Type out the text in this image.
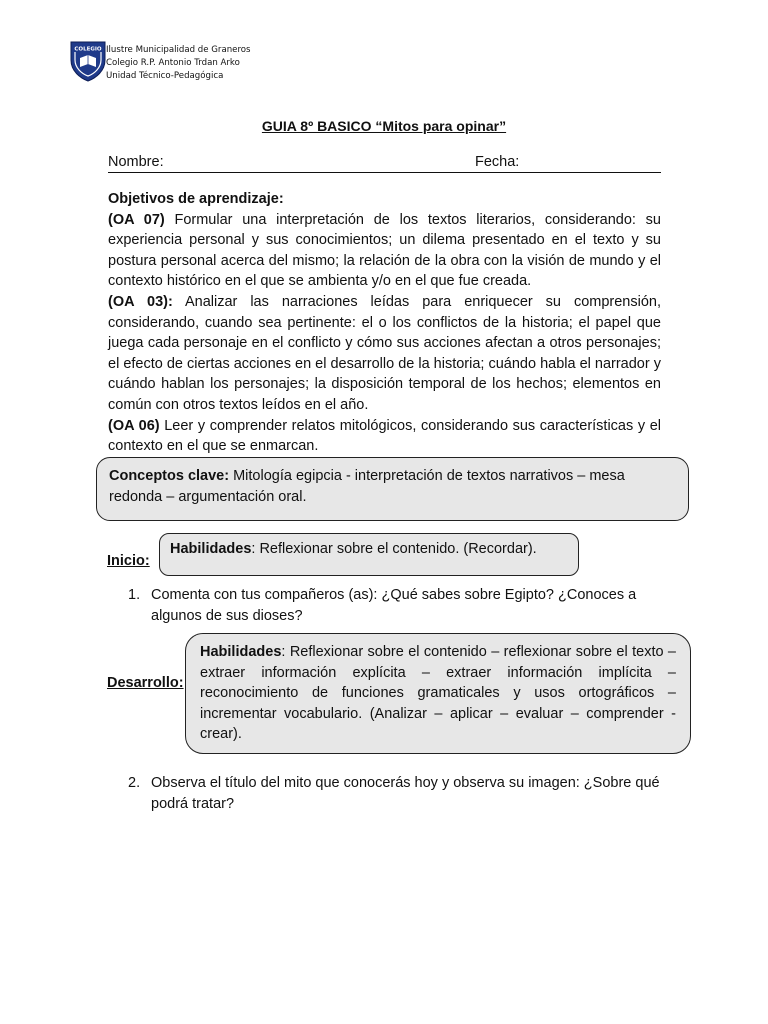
COLEGIO Ilustre Municipalidad de Graneros
Colegio R.P. Antonio Trdan Arko
Unidad Técnico-Pedagógica
GUIA 8º BASICO “Mitos para opinar”
Nombre:	Fecha:

Objetivos de aprendizaje:

(OA 07) Formular una interpretación de los textos literarios, considerando: su experiencia personal y sus conocimientos; un dilema presentado en el texto y su postura personal acerca del mismo; la relación de la obra con la visión de mundo y el contexto histórico en el que se ambienta y/o en el que fue creada.

(OA 03): Analizar las narraciones leídas para enriquecer su comprensión, considerando, cuando sea pertinente: el o los conflictos de la historia; el papel que juega cada personaje en el conflicto y cómo sus acciones afectan a otros personajes; el efecto de ciertas acciones en el desarrollo de la historia; cuándo habla el narrador y cuándo hablan los personajes; la disposición temporal de los hechos; elementos en común con otros textos leídos en el año.

(OA 06) Leer y comprender relatos mitológicos, considerando sus características y el contexto en el que se enmarcan.

Conceptos clave: Mitología egipcia - interpretación de textos narrativos – mesa redonda – argumentación oral.
Inicio:
Habilidades: Reflexionar sobre el contenido. (Recordar).
1. Comenta con tus compañeros (as): ¿Qué sabes sobre Egipto? ¿Conoces a algunos de sus dioses?
Desarrollo:
Habilidades: Reflexionar sobre el contenido – reflexionar sobre el texto – extraer información explícita – extraer información implícita – reconocimiento de funciones gramaticales y usos ortográficos – incrementar vocabulario. (Analizar – aplicar – evaluar – comprender - crear).
2. Observa el título del mito que conocerás hoy y observa su imagen: ¿Sobre qué podrá tratar?
